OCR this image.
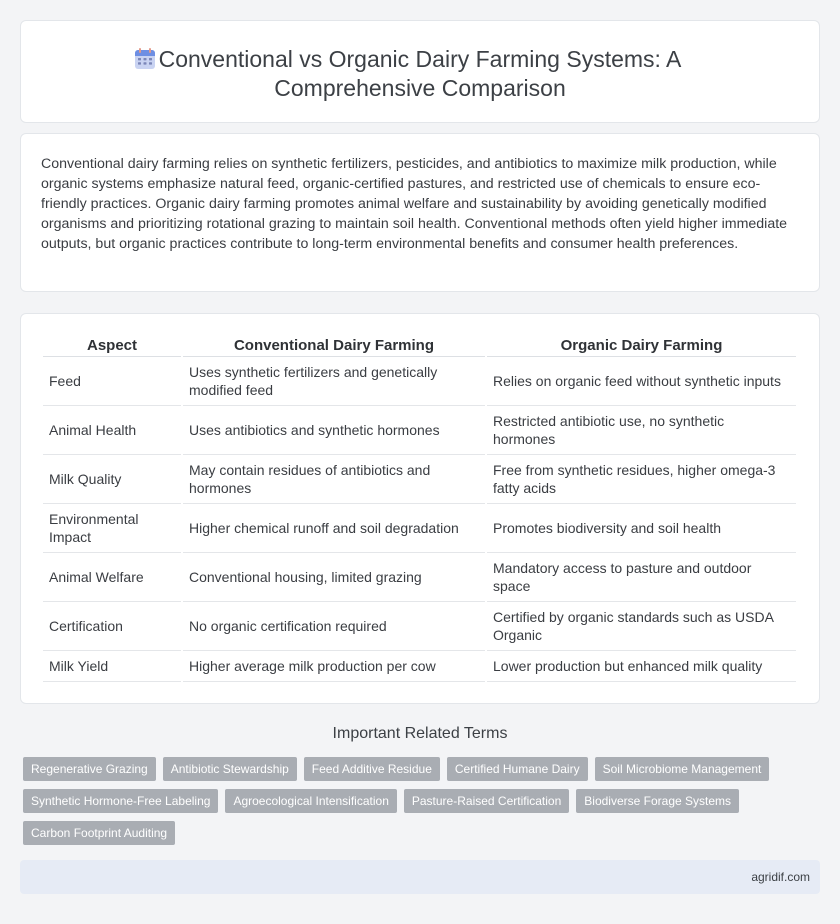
Conventional vs Organic Dairy Farming Systems: A Comprehensive Comparison

Conventional dairy farming relies on synthetic fertilizers, pesticides, and antibiotics to maximize milk production, while organic systems emphasize natural feed, organic-certified pastures, and restricted use of chemicals to ensure eco-friendly practices. Organic dairy farming promotes animal welfare and sustainability by avoiding genetically modified organisms and prioritizing rotational grazing to maintain soil health. Conventional methods often yield higher immediate outputs, but organic practices contribute to long-term environmental benefits and consumer health preferences.

Aspect	Conventional Dairy Farming	Organic Dairy Farming
Feed	Uses synthetic fertilizers and genetically modified feed	Relies on organic feed without synthetic inputs
Animal Health	Uses antibiotics and synthetic hormones	Restricted antibiotic use, no synthetic hormones
Milk Quality	May contain residues of antibiotics and hormones	Free from synthetic residues, higher omega-3 fatty acids
Environmental Impact	Higher chemical runoff and soil degradation	Promotes biodiversity and soil health
Animal Welfare	Conventional housing, limited grazing	Mandatory access to pasture and outdoor space
Certification	No organic certification required	Certified by organic standards such as USDA Organic
Milk Yield	Higher average milk production per cow	Lower production but enhanced milk quality
Important Related Terms
Regenerative Grazing	Antibiotic Stewardship	Feed Additive Residue	Certified Humane Dairy	Soil Microbiome Management
Synthetic Hormone-Free Labeling	Agroecological Intensification	Pasture-Raised Certification	Biodiverse Forage Systems
Carbon Footprint Auditing
agridif.com
